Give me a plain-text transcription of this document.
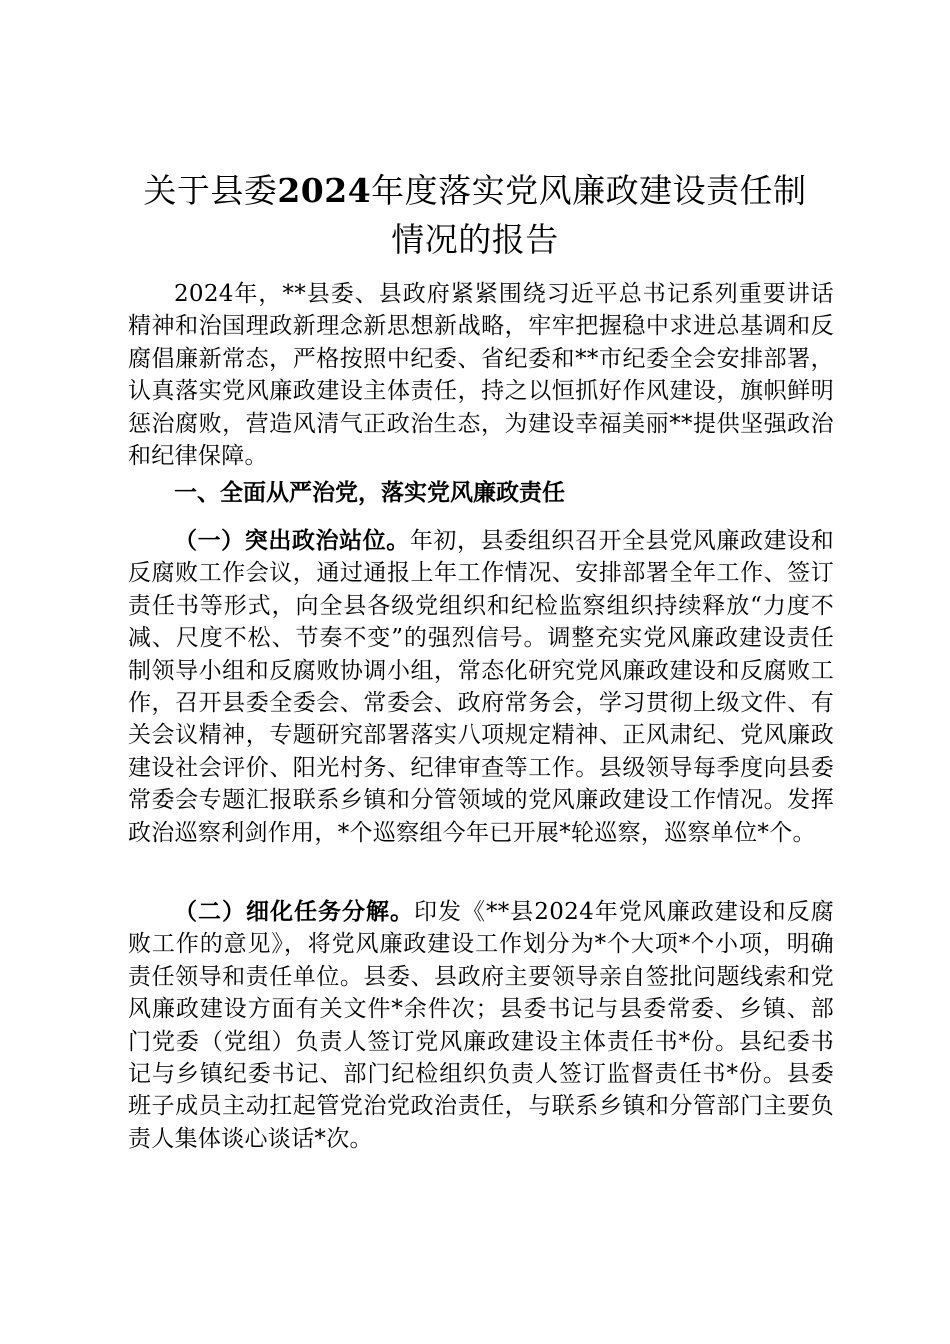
关于县委2024年度落实党风廉政建设责任制
情况的报告

2024年，**县委、县政府紧紧围绕习近平总书记系列重要讲话精神和治国理政新理念新思想新战略，牢牢把握稳中求进总基调和反腐倡廉新常态，严格按照中纪委、省纪委和**市纪委全会安排部署，认真落实党风廉政建设主体责任，持之以恒抓好作风建设，旗帜鲜明惩治腐败，营造风清气正政治生态，为建设幸福美丽**提供坚强政治和纪律保障。

一、全面从严治党，落实党风廉政责任

（一）突出政治站位。年初，县委组织召开全县党风廉政建设和反腐败工作会议，通过通报上年工作情况、安排部署全年工作、签订责任书等形式，向全县各级党组织和纪检监察组织持续释放“力度不减、尺度不松、节奏不变”的强烈信号。调整充实党风廉政建设责任制领导小组和反腐败协调小组，常态化研究党风廉政建设和反腐败工作，召开县委全委会、常委会、政府常务会，学习贯彻上级文件、有关会议精神，专题研究部署落实八项规定精神、正风肃纪、党风廉政建设社会评价、阳光村务、纪律审查等工作。县级领导每季度向县委常委会专题汇报联系乡镇和分管领域的党风廉政建设工作情况。发挥政治巡察利剑作用，*个巡察组今年已开展*轮巡察，巡察单位*个。

（二）细化任务分解。印发《**县2024年党风廉政建设和反腐败工作的意见》，将党风廉政建设工作划分为*个大项*个小项，明确责任领导和责任单位。县委、县政府主要领导亲自签批问题线索和党风廉政建设方面有关文件*余件次；县委书记与县委常委、乡镇、部门党委（党组）负责人签订党风廉政建设主体责任书*份。县纪委书记与乡镇纪委书记、部门纪检组织负责人签订监督责任书*份。县委班子成员主动扛起管党治党政治责任，与联系乡镇和分管部门主要负责人集体谈心谈话*次。
